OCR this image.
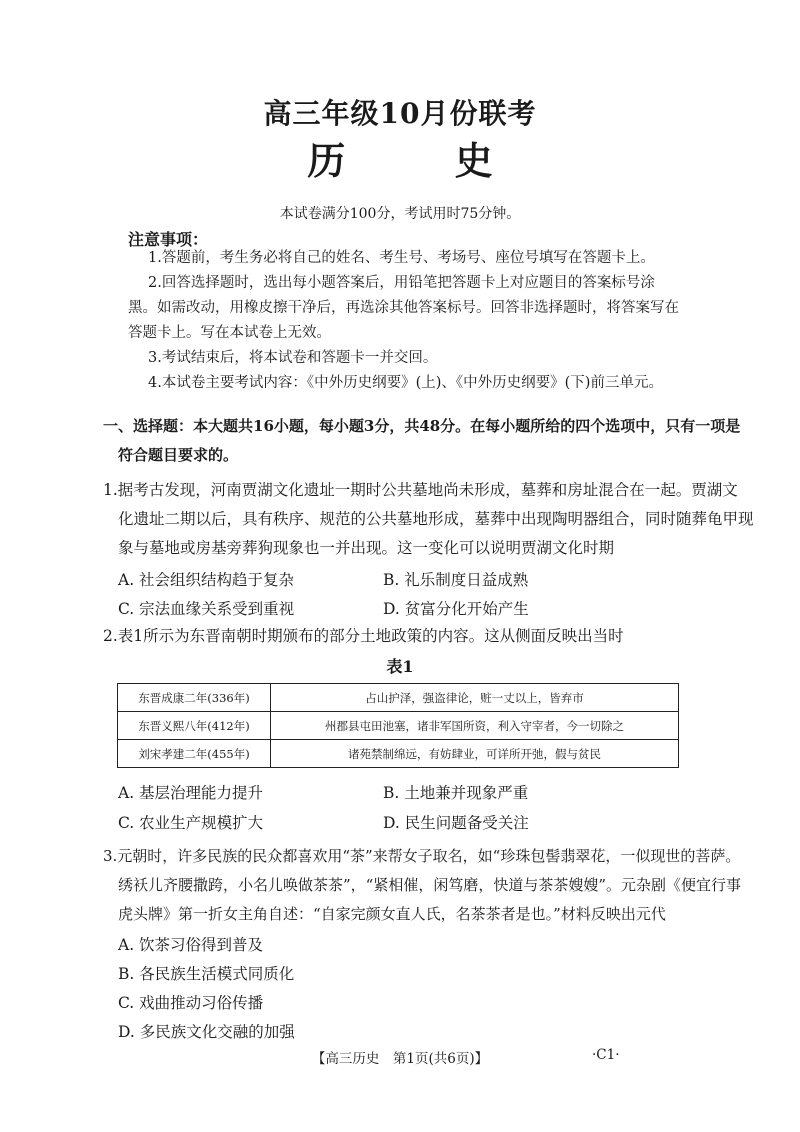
高三年级10月份联考
历 史
本试卷满分100分，考试用时75分钟。
注意事项：
1.答题前，考生务必将自己的姓名、考生号、考场号、座位号填写在答题卡上。
2.回答选择题时，选出每小题答案后，用铅笔把答题卡上对应题目的答案标号涂
黑。如需改动，用橡皮擦干净后，再选涂其他答案标号。回答非选择题时，将答案写在
答题卡上。写在本试卷上无效。
3.考试结束后，将本试卷和答题卡一并交回。
4.本试卷主要考试内容：《中外历史纲要》(上)、《中外历史纲要》(下)前三单元。
一、选择题：本大题共16小题，每小题3分，共48分。在每小题所给的四个选项中，只有一项是
符合题目要求的。
1.据考古发现，河南贾湖文化遗址一期时公共墓地尚未形成，墓葬和房址混合在一起。贾湖文
化遗址二期以后，具有秩序、规范的公共墓地形成，墓葬中出现陶明器组合，同时随葬龟甲现
象与墓地或房基旁葬狗现象也一并出现。这一变化可以说明贾湖文化时期
A. 社会组织结构趋于复杂	B. 礼乐制度日益成熟
C. 宗法血缘关系受到重视	D. 贫富分化开始产生
2.表1所示为东晋南朝时期颁布的部分土地政策的内容。这从侧面反映出当时
表1
东晋成康二年(336年)	占山护泽，强盗律论，赃一丈以上，皆弃市
东晋义熙八年(412年)	州郡县屯田池塞，诸非军国所资，利入守宰者，今一切除之
刘宋孝建二年(455年)	诸苑禁制绵远，有妨肆业，可详所开弛，假与贫民
A. 基层治理能力提升	B. 土地兼并现象严重
C. 农业生产规模扩大	D. 民生问题备受关注
3.元朝时，许多民族的民众都喜欢用“茶”来帮女子取名，如“珍珠包髻翡翠花，一似现世的菩萨。
绣袄儿齐腰撒跨，小名儿唤做茶茶”，“紧相催，闲笃磨，快道与茶茶嫂嫂”。元杂剧《便宜行事
虎头牌》第一折女主角自述：“自家完颜女直人氏，名茶茶者是也。”材料反映出元代
A. 饮茶习俗得到普及
B. 各民族生活模式同质化
C. 戏曲推动习俗传播
D. 多民族文化交融的加强
【高三历史　第1页(共6页)】	·C1·
